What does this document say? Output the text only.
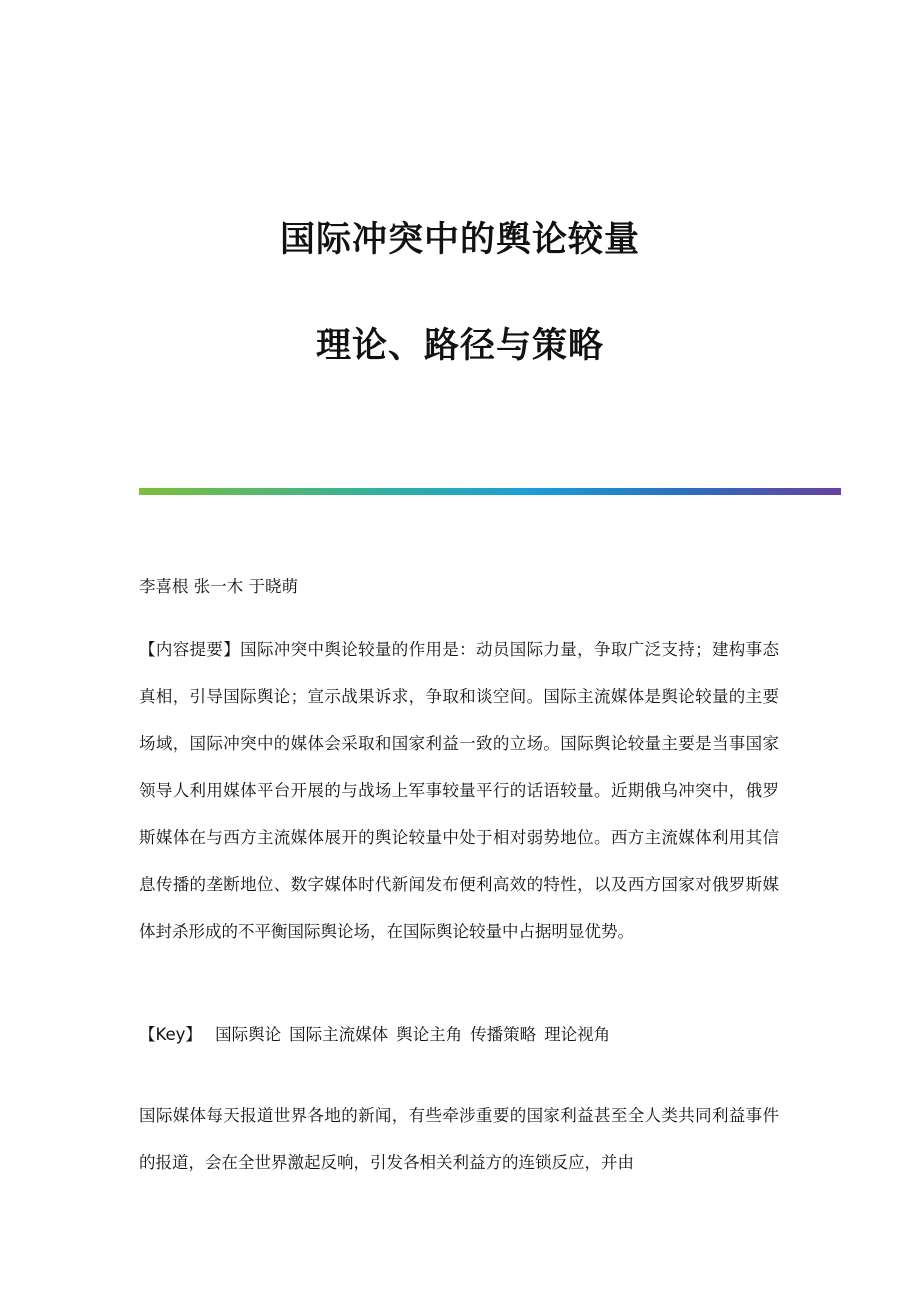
国际冲突中的舆论较量
理论、路径与策略

李喜根 张一木 于晓萌

【内容提要】国际冲突中舆论较量的作用是：动员国际力量，争取广泛支持；建构事态真相，引导国际舆论；宣示战果诉求，争取和谈空间。国际主流媒体是舆论较量的主要场域，国际冲突中的媒体会采取和国家利益一致的立场。国际舆论较量主要是当事国家领导人利用媒体平台开展的与战场上军事较量平行的话语较量。近期俄乌冲突中，俄罗斯媒体在与西方主流媒体展开的舆论较量中处于相对弱势地位。西方主流媒体利用其信息传播的垄断地位、数字媒体时代新闻发布便利高效的特性，以及西方国家对俄罗斯媒体封杀形成的不平衡国际舆论场，在国际舆论较量中占据明显优势。

【Key】 国际舆论 国际主流媒体 舆论主角 传播策略 理论视角

国际媒体每天报道世界各地的新闻，有些牵涉重要的国家利益甚至全人类共同利益事件的报道，会在全世界激起反响，引发各相关利益方的连锁反应，并由
